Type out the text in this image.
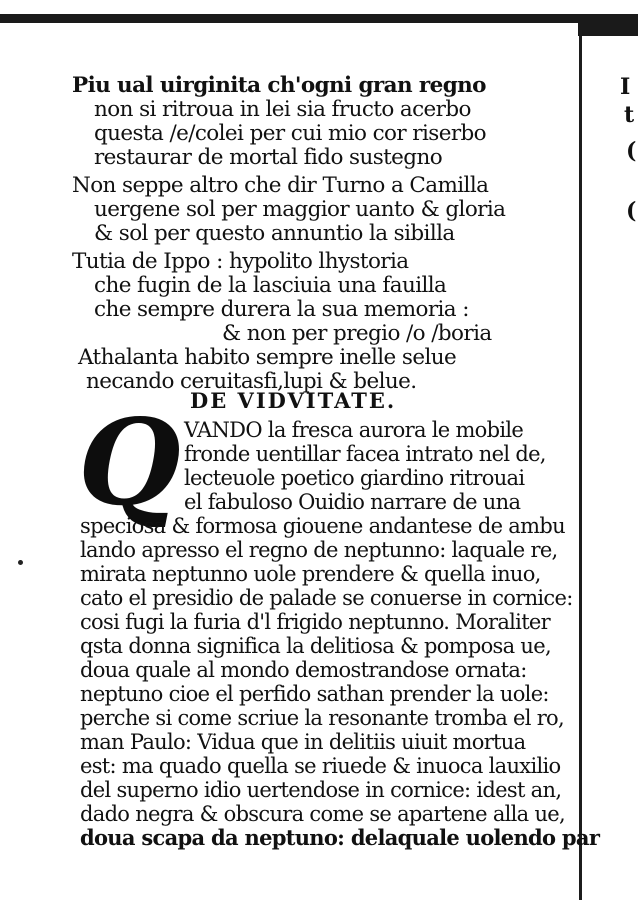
I
t
(
(
Piu ual uirginita ch'ogni gran regno
non si ritroua in lei sia fructo acerbo
questa /e/colei per cui mio cor riserbo
restaurar de mortal fido sustegno
Non seppe altro che dir Turno a Camilla
uergene sol per maggior uanto & gloria
& sol per questo annuntio la sibilla
Tutia de Ippo : hypolito lhystoria
che fugin de la lasciuia una fauilla
che sempre durera la sua memoria :
& non per pregio /o /boria
Athalanta habito sempre inelle selue
necando ceruitasfi,lupi & belue.
DE VIDVITATE.
Q VANDO la fresca aurora le mobile
fronde uentillar facea intrato nel de,
lecteuole poetico giardino ritrouai
el fabuloso Ouidio narrare de una
speciosa & formosa giouene andantese de ambu
lando apresso el regno de neptunno: laquale re,
mirata neptunno uole prendere & quella inuo,
cato el presidio de palade se conuerse in cornice:
cosi fugi la furia d'l frigido neptunno. Moraliter
qsta donna significa la delitiosa & pomposa ue,
doua quale al mondo demostrandose ornata:
neptuno cioe el perfido sathan prender la uole:
perche si come scriue la resonante tromba el ro,
man Paulo: Vidua que in delitiis uiuit mortua
est: ma quado quella se riuede & inuoca lauxilio
del superno idio uertendose in cornice: idest an,
dado negra & obscura come se apartene alla ue,
doua scapa da neptuno: delaquale uolendo par
